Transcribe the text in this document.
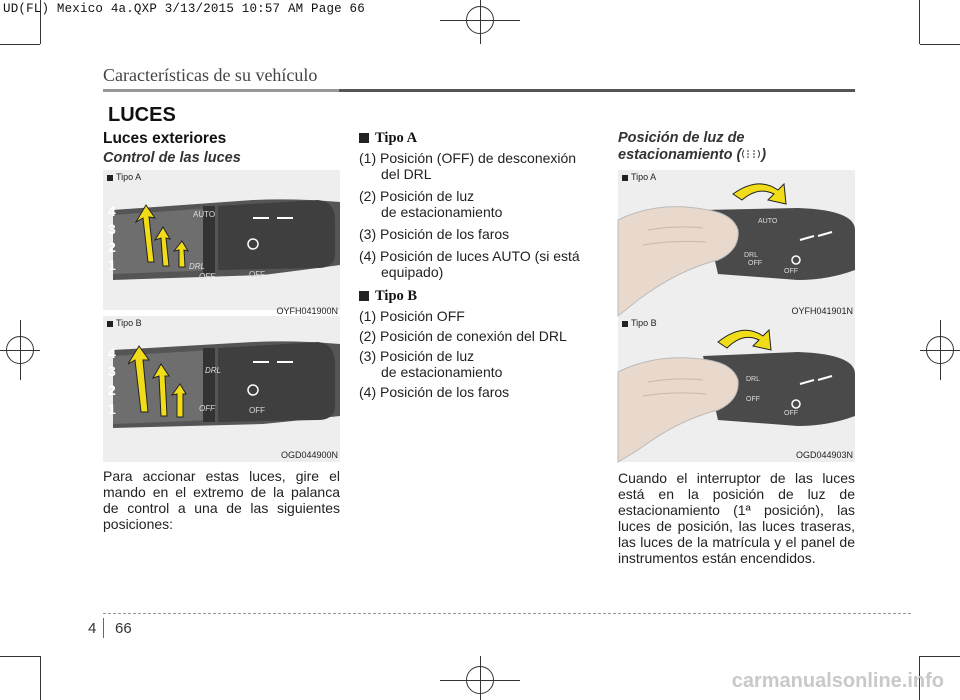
UD(FL) Mexico 4a.QXP 3/13/2015 10:57 AM Page 66
Características de su vehículo
LUCES
Luces exteriores
Control de las luces
Tipo A
AUTO
DRL
OFF	OFF
4
3
2
1
OYFH041900N
Tipo B
DRL
OFF	OFF
4
3
2
1
OGD044900N
Para accionar estas luces, gire el mando en el extremo de la palanca de control a una de las siguientes posiciones:
Tipo A
(1) Posición (OFF) de desconexión
del DRL
(2) Posición de luz
de estacionamiento
(3) Posición de los faros
(4) Posición de luces AUTO (si está
equipado)
Tipo B
(1) Posición OFF
(2) Posición de conexión del DRL
(3) Posición de luz
de estacionamiento
(4) Posición de los faros
Posición de luz de
estacionamiento ( )
Tipo A
AUTO
DRL
OFF
OFF
OYFH041901N
Tipo B
DRL
OFF
OFF
OGD044903N
Cuando el interruptor de las luces está en la posición de luz de estacionamiento (1ª posición), las luces de posición, las luces traseras, las luces de la matrícula y el panel de instrumentos están encendidos.
4 66
carmanualsonline.info
